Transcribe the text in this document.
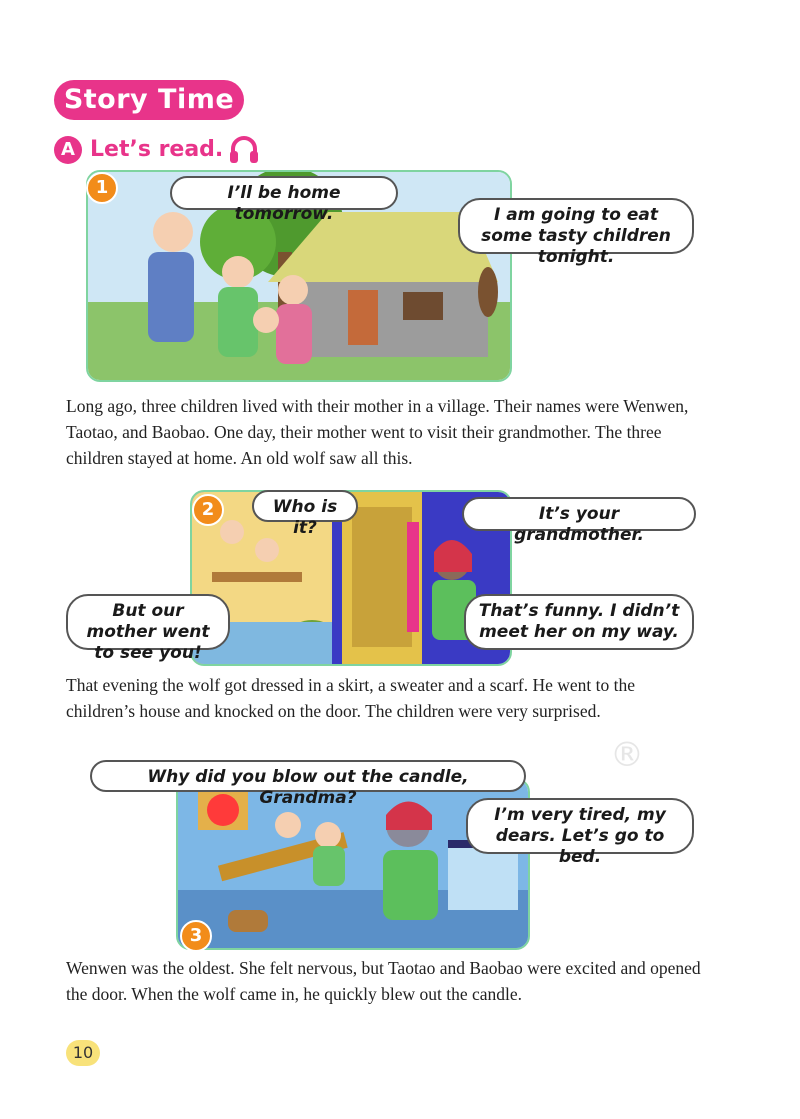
Story Time
A Let’s read.
1	I’ll be home tomorrow.	I am going to eat some tasty children tonight.
Long ago, three children lived with their mother in a village. Their names were Wenwen, Taotao, and Baobao. One day, their mother went to visit their grandmother. The three children stayed at home. An old wolf saw all this.
2	Who is it?
It’s your grandmother.
But our mother went to see you!
That’s funny. I didn’t meet her on my way.
That evening the wolf got dressed in a skirt, a sweater and a scarf. He went to the children’s house and knocked on the door. The children were very surprised.
®
3
Why did you blow out the candle, Grandma?
I’m very tired, my dears. Let’s go to bed.
Wenwen was the oldest. She felt nervous, but Taotao and Baobao were excited and opened the door. When the wolf came in, he quickly blew out the candle.
10
